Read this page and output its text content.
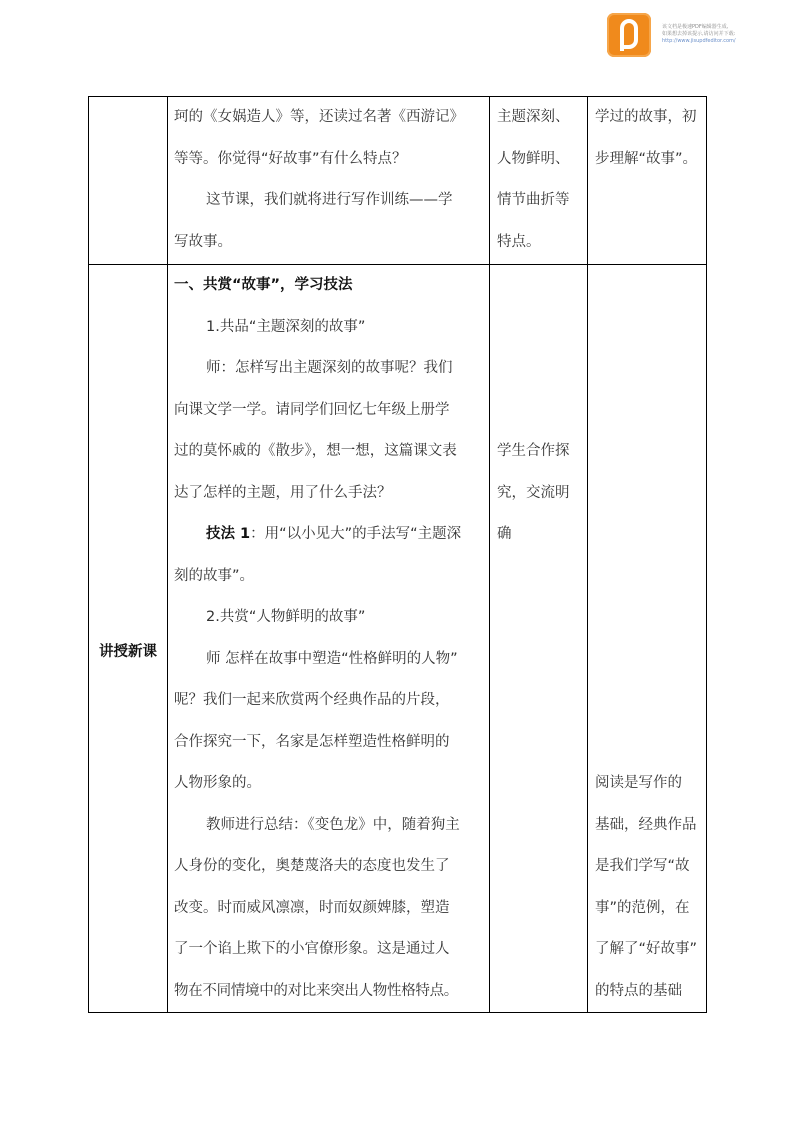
该文档是极速PDF编辑器生成,
如果想去掉该提示,请访问并下载:
http://www.jisupdfeditor.com/

珂的《女娲造人》等，还读过名著《西游记》

等等。你觉得“好故事”有什么特点？

这节课，我们就将进行写作训练——学

写故事。

主题深刻、

人物鲜明、

情节曲折等

特点。

学过的故事，初

步理解“故事”。

讲授新课

一、共赏“故事”，学习技法

1.共品“主题深刻的故事”

师：怎样写出主题深刻的故事呢？我们

向课文学一学。请同学们回忆七年级上册学

过的莫怀戚的《散步》，想一想，这篇课文表

达了怎样的主题，用了什么手法？

技法 1：用“以小见大”的手法写“主题深

刻的故事”。

2.共赏“人物鲜明的故事”

师 怎样在故事中塑造“性格鲜明的人物”

呢？我们一起来欣赏两个经典作品的片段，

合作探究一下，名家是怎样塑造性格鲜明的

人物形象的。

教师进行总结：《变色龙》中，随着狗主

人身份的变化，奥楚蔑洛夫的态度也发生了

改变。时而威风凛凛，时而奴颜婢膝，塑造

了一个谄上欺下的小官僚形象。这是通过人

物在不同情境中的对比来突出人物性格特点。

学生合作探

究，交流明

确

阅读是写作的

基础，经典作品

是我们学写“故

事”的范例，在

了解了“好故事”

的特点的基础
